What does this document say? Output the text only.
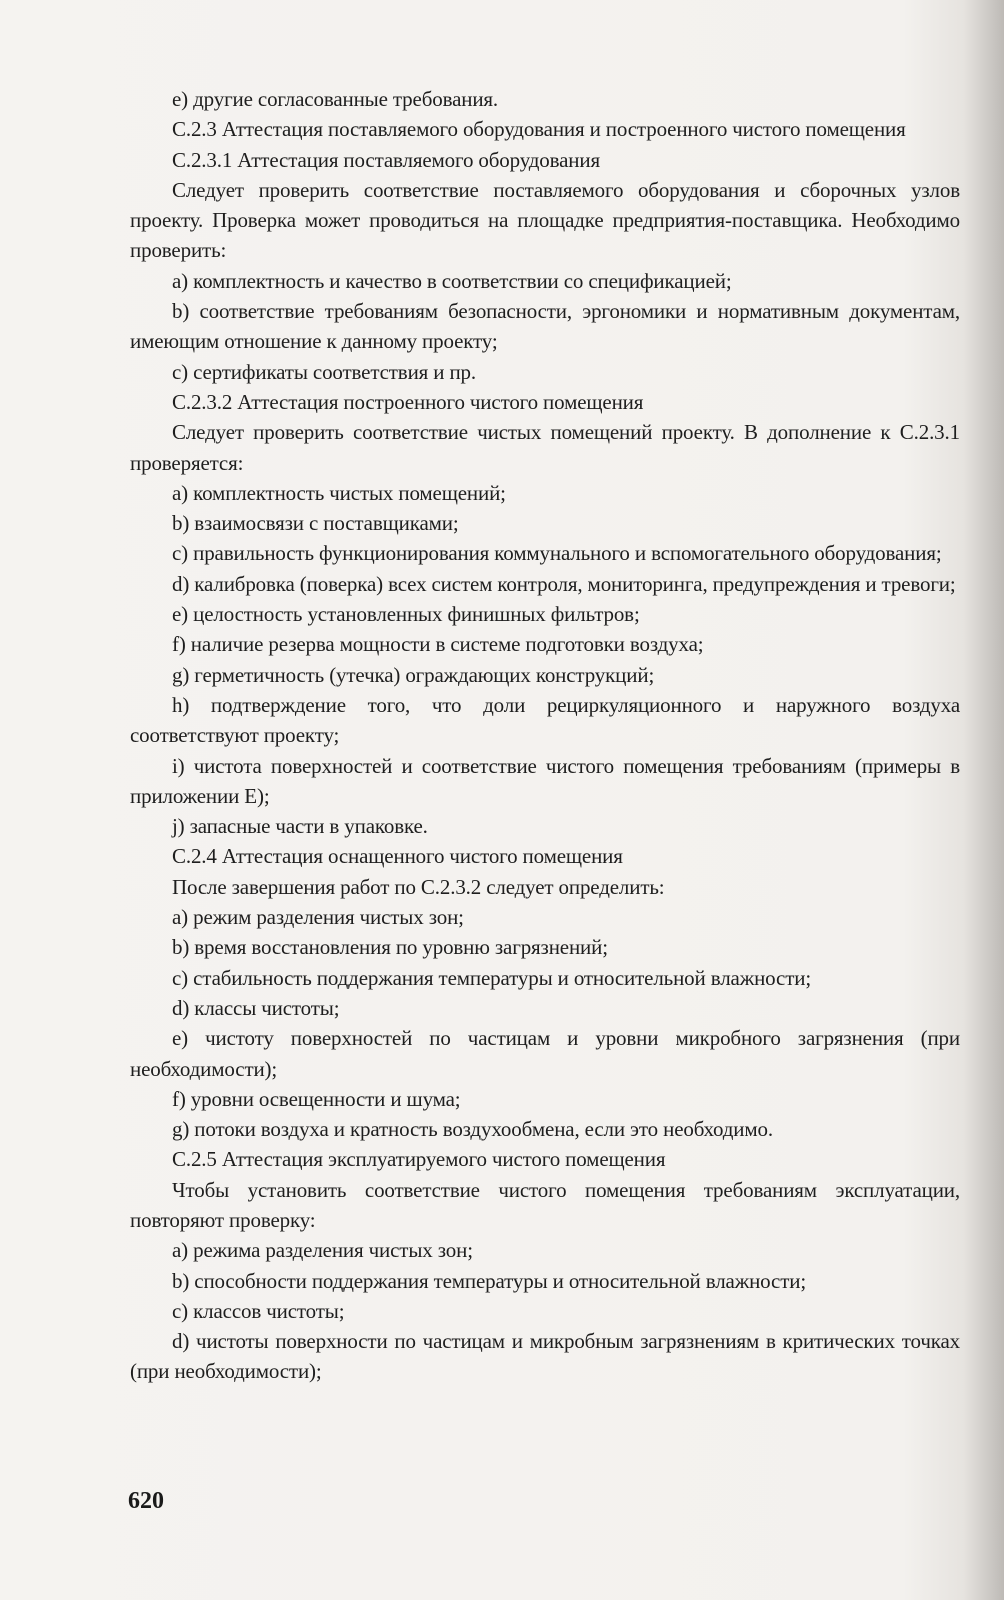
e) другие согласованные требования.

C.2.3 Аттестация поставляемого оборудования и построенного чистого помещения

C.2.3.1 Аттестация поставляемого оборудования

Следует проверить соответствие поставляемого оборудования и сборочных узлов проекту. Проверка может проводиться на площадке предприятия-поставщика. Необходимо проверить:

a) комплектность и качество в соответствии со спецификацией;

b) соответствие требованиям безопасности, эргономики и нормативным документам, имеющим отношение к данному проекту;

c) сертификаты соответствия и пр.

C.2.3.2 Аттестация построенного чистого помещения

Следует проверить соответствие чистых помещений проекту. В дополнение к C.2.3.1 проверяется:

a) комплектность чистых помещений;

b) взаимосвязи с поставщиками;

c) правильность функционирования коммунального и вспомогательного оборудования;

d) калибровка (поверка) всех систем контроля, мониторинга, предупреждения и тревоги;

e) целостность установленных финишных фильтров;

f) наличие резерва мощности в системе подготовки воздуха;

g) герметичность (утечка) ограждающих конструкций;

h) подтверждение того, что доли рециркуляционного и наружного воздуха соответствуют проекту;

i) чистота поверхностей и соответствие чистого помещения требованиям (примеры в приложении E);

j) запасные части в упаковке.

C.2.4 Аттестация оснащенного чистого помещения

После завершения работ по C.2.3.2 следует определить:

a) режим разделения чистых зон;

b) время восстановления по уровню загрязнений;

c) стабильность поддержания температуры и относительной влажности;

d) классы чистоты;

e) чистоту поверхностей по частицам и уровни микробного загрязнения (при необходимости);

f) уровни освещенности и шума;

g) потоки воздуха и кратность воздухообмена, если это необходимо.

C.2.5 Аттестация эксплуатируемого чистого помещения

Чтобы установить соответствие чистого помещения требованиям эксплуатации, повторяют проверку:

a) режима разделения чистых зон;

b) способности поддержания температуры и относительной влажности;

c) классов чистоты;

d) чистоты поверхности по частицам и микробным загрязнениям в критических точках (при необходимости);

620
